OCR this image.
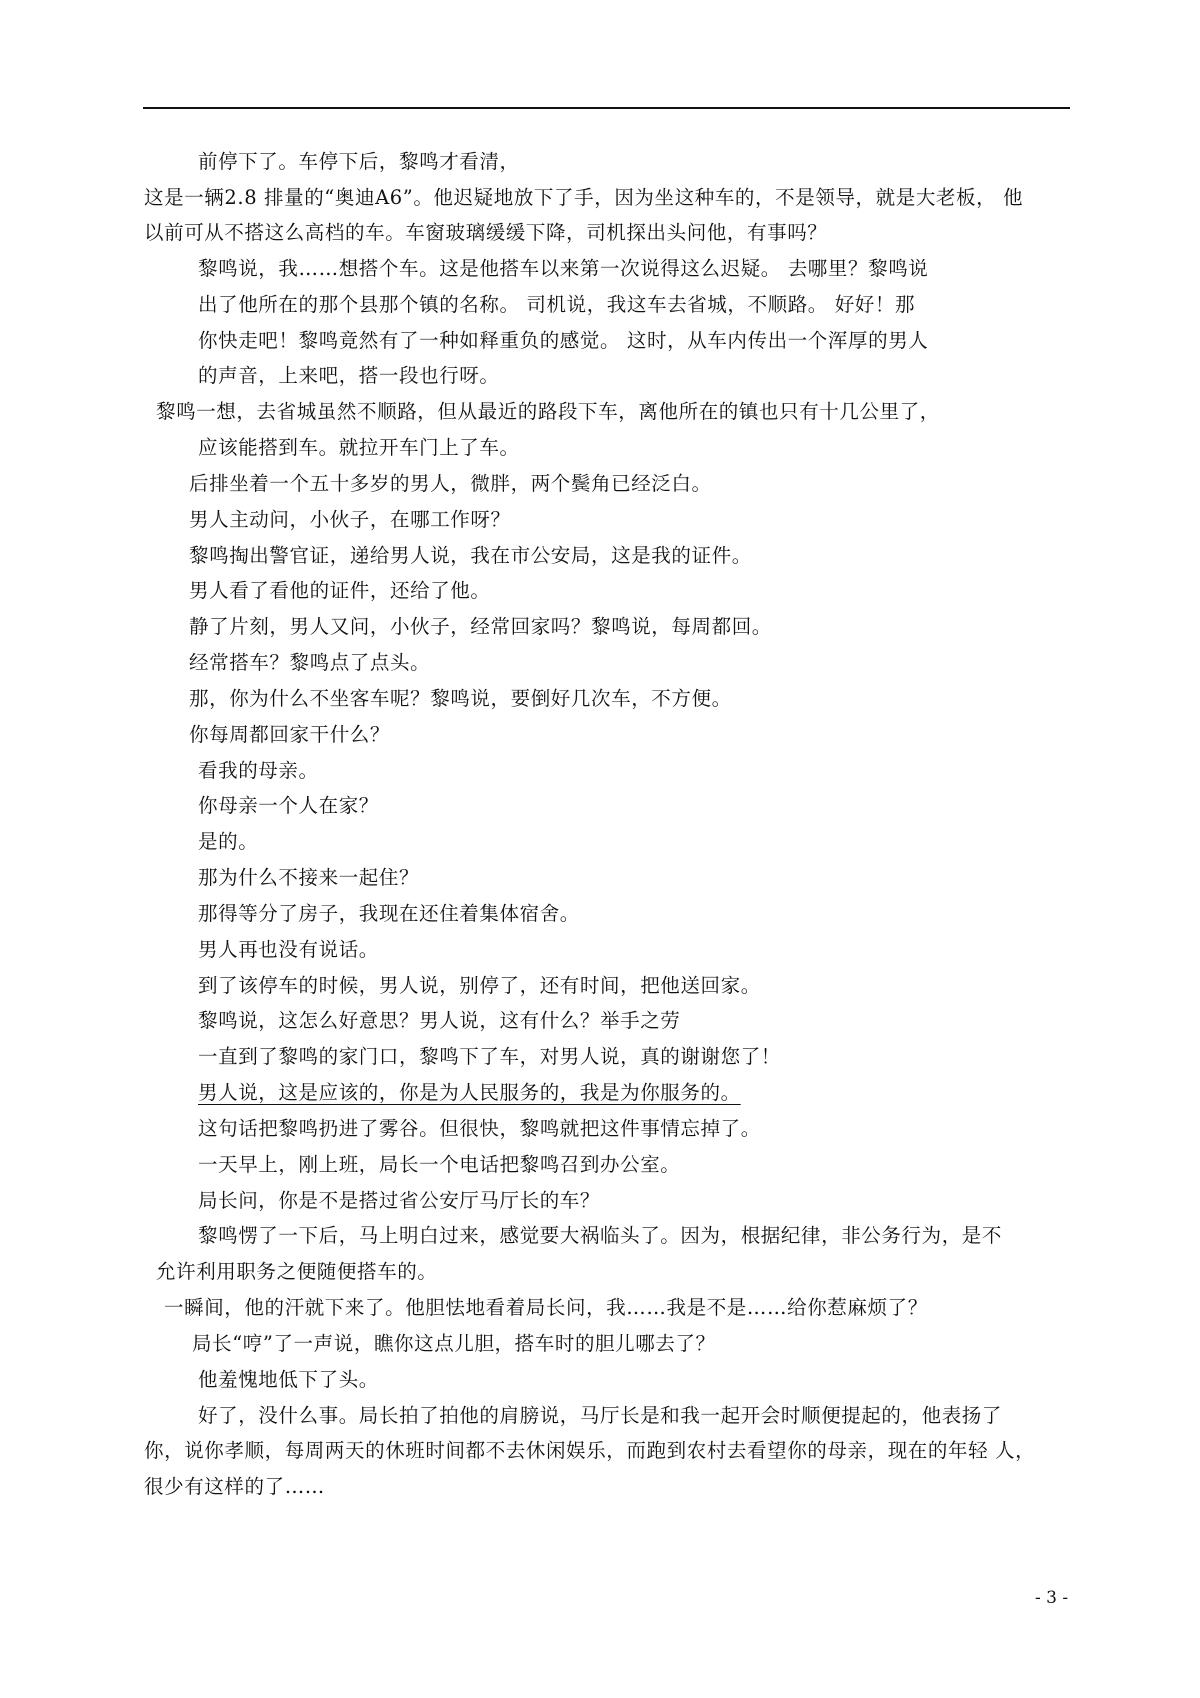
前停下了。车停下后，黎鸣才看清，
这是一辆2.8 排量的“奥迪A6”。他迟疑地放下了手，因为坐这种车的，不是领导，就是大老板， 他
以前可从不搭这么高档的车。车窗玻璃缓缓下降，司机探出头问他，有事吗？
黎鸣说，我……想搭个车。这是他搭车以来第一次说得这么迟疑。 去哪里？黎鸣说
出了他所在的那个县那个镇的名称。 司机说，我这车去省城，不顺路。 好好！那
你快走吧！黎鸣竟然有了一种如释重负的感觉。 这时，从车内传出一个浑厚的男人
的声音，上来吧，搭一段也行呀。
黎鸣一想，去省城虽然不顺路，但从最近的路段下车，离他所在的镇也只有十几公里了，
应该能搭到车。就拉开车门上了车。
后排坐着一个五十多岁的男人，微胖，两个鬓角已经泛白。
男人主动问，小伙子，在哪工作呀？
黎鸣掏出警官证，递给男人说，我在市公安局，这是我的证件。
男人看了看他的证件，还给了他。
静了片刻，男人又问，小伙子，经常回家吗？黎鸣说，每周都回。
经常搭车？黎鸣点了点头。
那，你为什么不坐客车呢？黎鸣说，要倒好几次车，不方便。
你每周都回家干什么？
看我的母亲。
你母亲一个人在家？
是的。
那为什么不接来一起住？
那得等分了房子，我现在还住着集体宿舍。
男人再也没有说话。
到了该停车的时候，男人说，别停了，还有时间，把他送回家。
黎鸣说，这怎么好意思？男人说，这有什么？举手之劳
一直到了黎鸣的家门口，黎鸣下了车，对男人说，真的谢谢您了！
男人说，这是应该的，你是为人民服务的，我是为你服务的。
这句话把黎鸣扔进了雾谷。但很快，黎鸣就把这件事情忘掉了。
一天早上，刚上班，局长一个电话把黎鸣召到办公室。
局长问，你是不是搭过省公安厅马厅长的车？
黎鸣愣了一下后，马上明白过来，感觉要大祸临头了。因为，根据纪律，非公务行为，是不
允许利用职务之便随便搭车的。
一瞬间，他的汗就下来了。他胆怯地看着局长问，我……我是不是……给你惹麻烦了？
局长“哼”了一声说，瞧你这点儿胆，搭车时的胆儿哪去了？
他羞愧地低下了头。
好了，没什么事。局长拍了拍他的肩膀说，马厅长是和我一起开会时顺便提起的，他表扬了
你，说你孝顺，每周两天的休班时间都不去休闲娱乐，而跑到农村去看望你的母亲，现在的年轻 人，
很少有这样的了……
- 3 -
